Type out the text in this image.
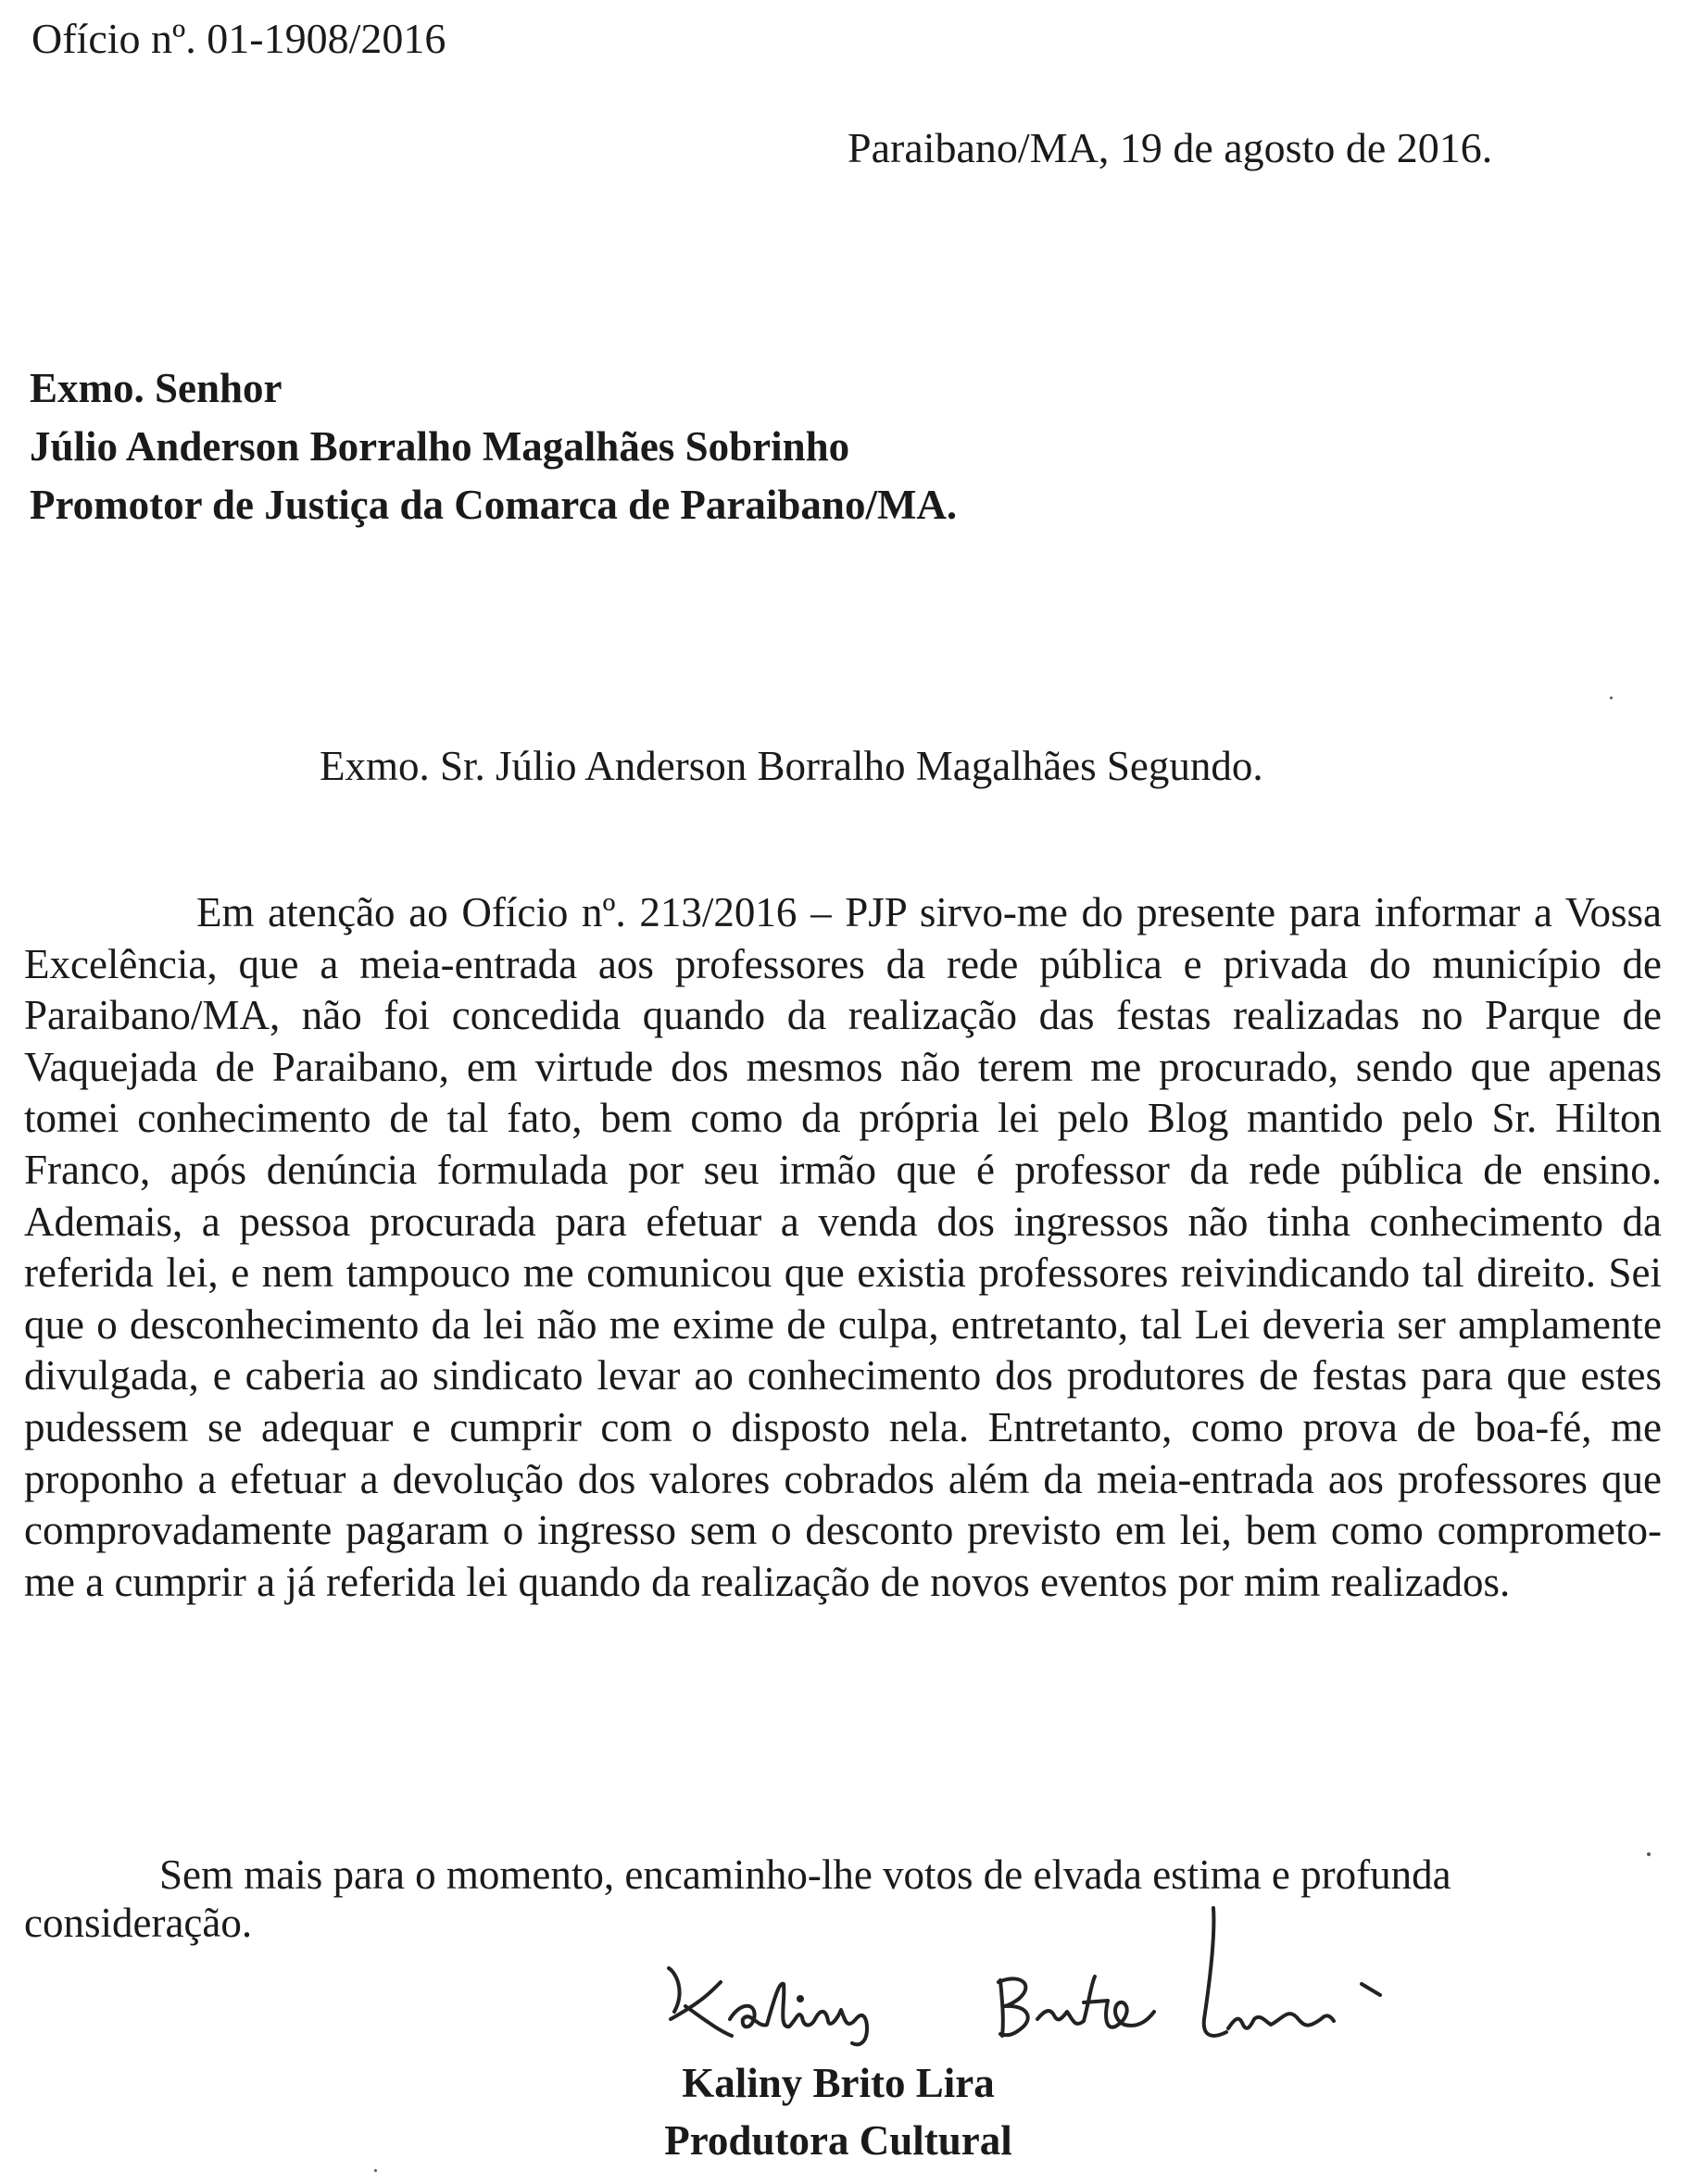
Ofício nº. 01-1908/2016
Paraibano/MA, 19 de agosto de 2016.
Exmo. Senhor
Júlio Anderson Borralho Magalhães Sobrinho
Promotor de Justiça da Comarca de Paraibano/MA.
Exmo. Sr. Júlio Anderson Borralho Magalhães Segundo.

Em atenção ao Ofício nº. 213/2016 – PJP sirvo-me do presente para informar a Vossa Excelência, que a meia-entrada aos professores da rede pública e privada do município de Paraibano/MA, não foi concedida quando da realização das festas realizadas no Parque de Vaquejada de Paraibano, em virtude dos mesmos não terem me procurado, sendo que apenas tomei conhecimento de tal fato, bem como da própria lei pelo Blog mantido pelo Sr. Hilton Franco, após denúncia formulada por seu irmão que é professor da rede pública de ensino. Ademais, a pessoa procurada para efetuar a venda dos ingressos não tinha conhecimento da referida lei, e nem tampouco me comunicou que existia professores reivindicando tal direito. Sei que o desconhecimento da lei não me exime de culpa, entretanto, tal Lei deveria ser amplamente divulgada, e caberia ao sindicato levar ao conhecimento dos produtores de festas para que estes pudessem se adequar e cumprir com o disposto nela. Entretanto, como prova de boa-fé, me proponho a efetuar a devolução dos valores cobrados além da meia-entrada aos professores que comprovadamente pagaram o ingresso sem o desconto previsto em lei, bem como comprometo-me a cumprir a já referida lei quando da realização de novos eventos por mim realizados.

Sem mais para o momento, encaminho-lhe votos de elvada estima e profunda consideração.

Kaliny Brito Lira
Produtora Cultural
